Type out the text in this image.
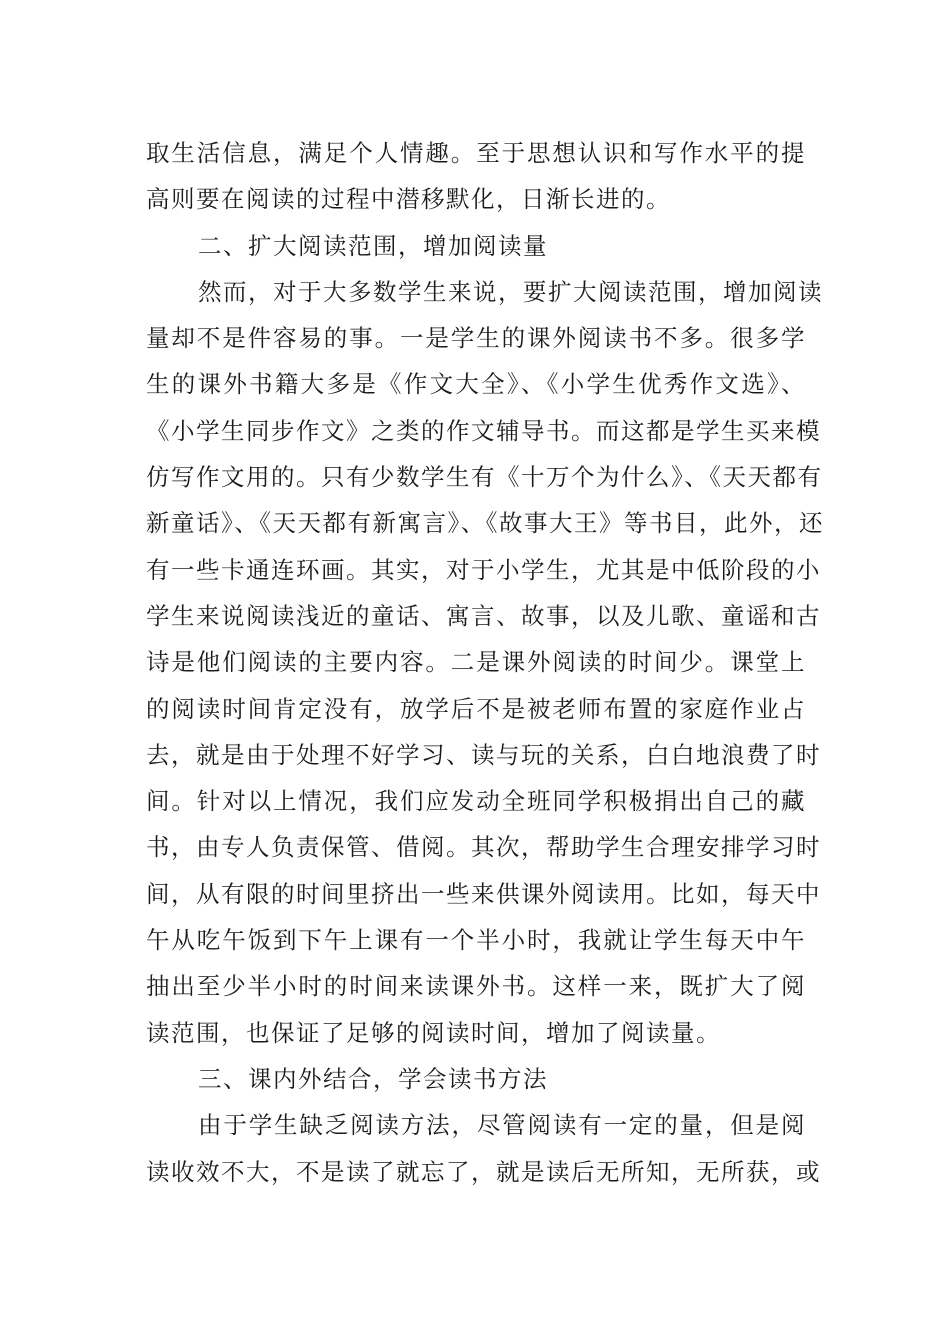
取生活信息，满足个人情趣。至于思想认识和写作水平的提
高则要在阅读的过程中潜移默化，日渐长进的。
二、扩大阅读范围，增加阅读量
然而，对于大多数学生来说，要扩大阅读范围，增加阅读
量却不是件容易的事。一是学生的课外阅读书不多。很多学
生的课外书籍大多是《作文大全》、《小学生优秀作文选》、
《小学生同步作文》之类的作文辅导书。而这都是学生买来模
仿写作文用的。只有少数学生有《十万个为什么》、《天天都有
新童话》、《天天都有新寓言》、《故事大王》等书目，此外，还
有一些卡通连环画。其实，对于小学生，尤其是中低阶段的小
学生来说阅读浅近的童话、寓言、故事，以及儿歌、童谣和古
诗是他们阅读的主要内容。二是课外阅读的时间少。课堂上
的阅读时间肯定没有，放学后不是被老师布置的家庭作业占
去，就是由于处理不好学习、读与玩的关系，白白地浪费了时
间。针对以上情况，我们应发动全班同学积极捐出自己的藏
书，由专人负责保管、借阅。其次，帮助学生合理安排学习时
间，从有限的时间里挤出一些来供课外阅读用。比如，每天中
午从吃午饭到下午上课有一个半小时，我就让学生每天中午
抽出至少半小时的时间来读课外书。这样一来，既扩大了阅
读范围，也保证了足够的阅读时间，增加了阅读量。
三、课内外结合，学会读书方法
由于学生缺乏阅读方法，尽管阅读有一定的量，但是阅
读收效不大，不是读了就忘了，就是读后无所知，无所获，或
